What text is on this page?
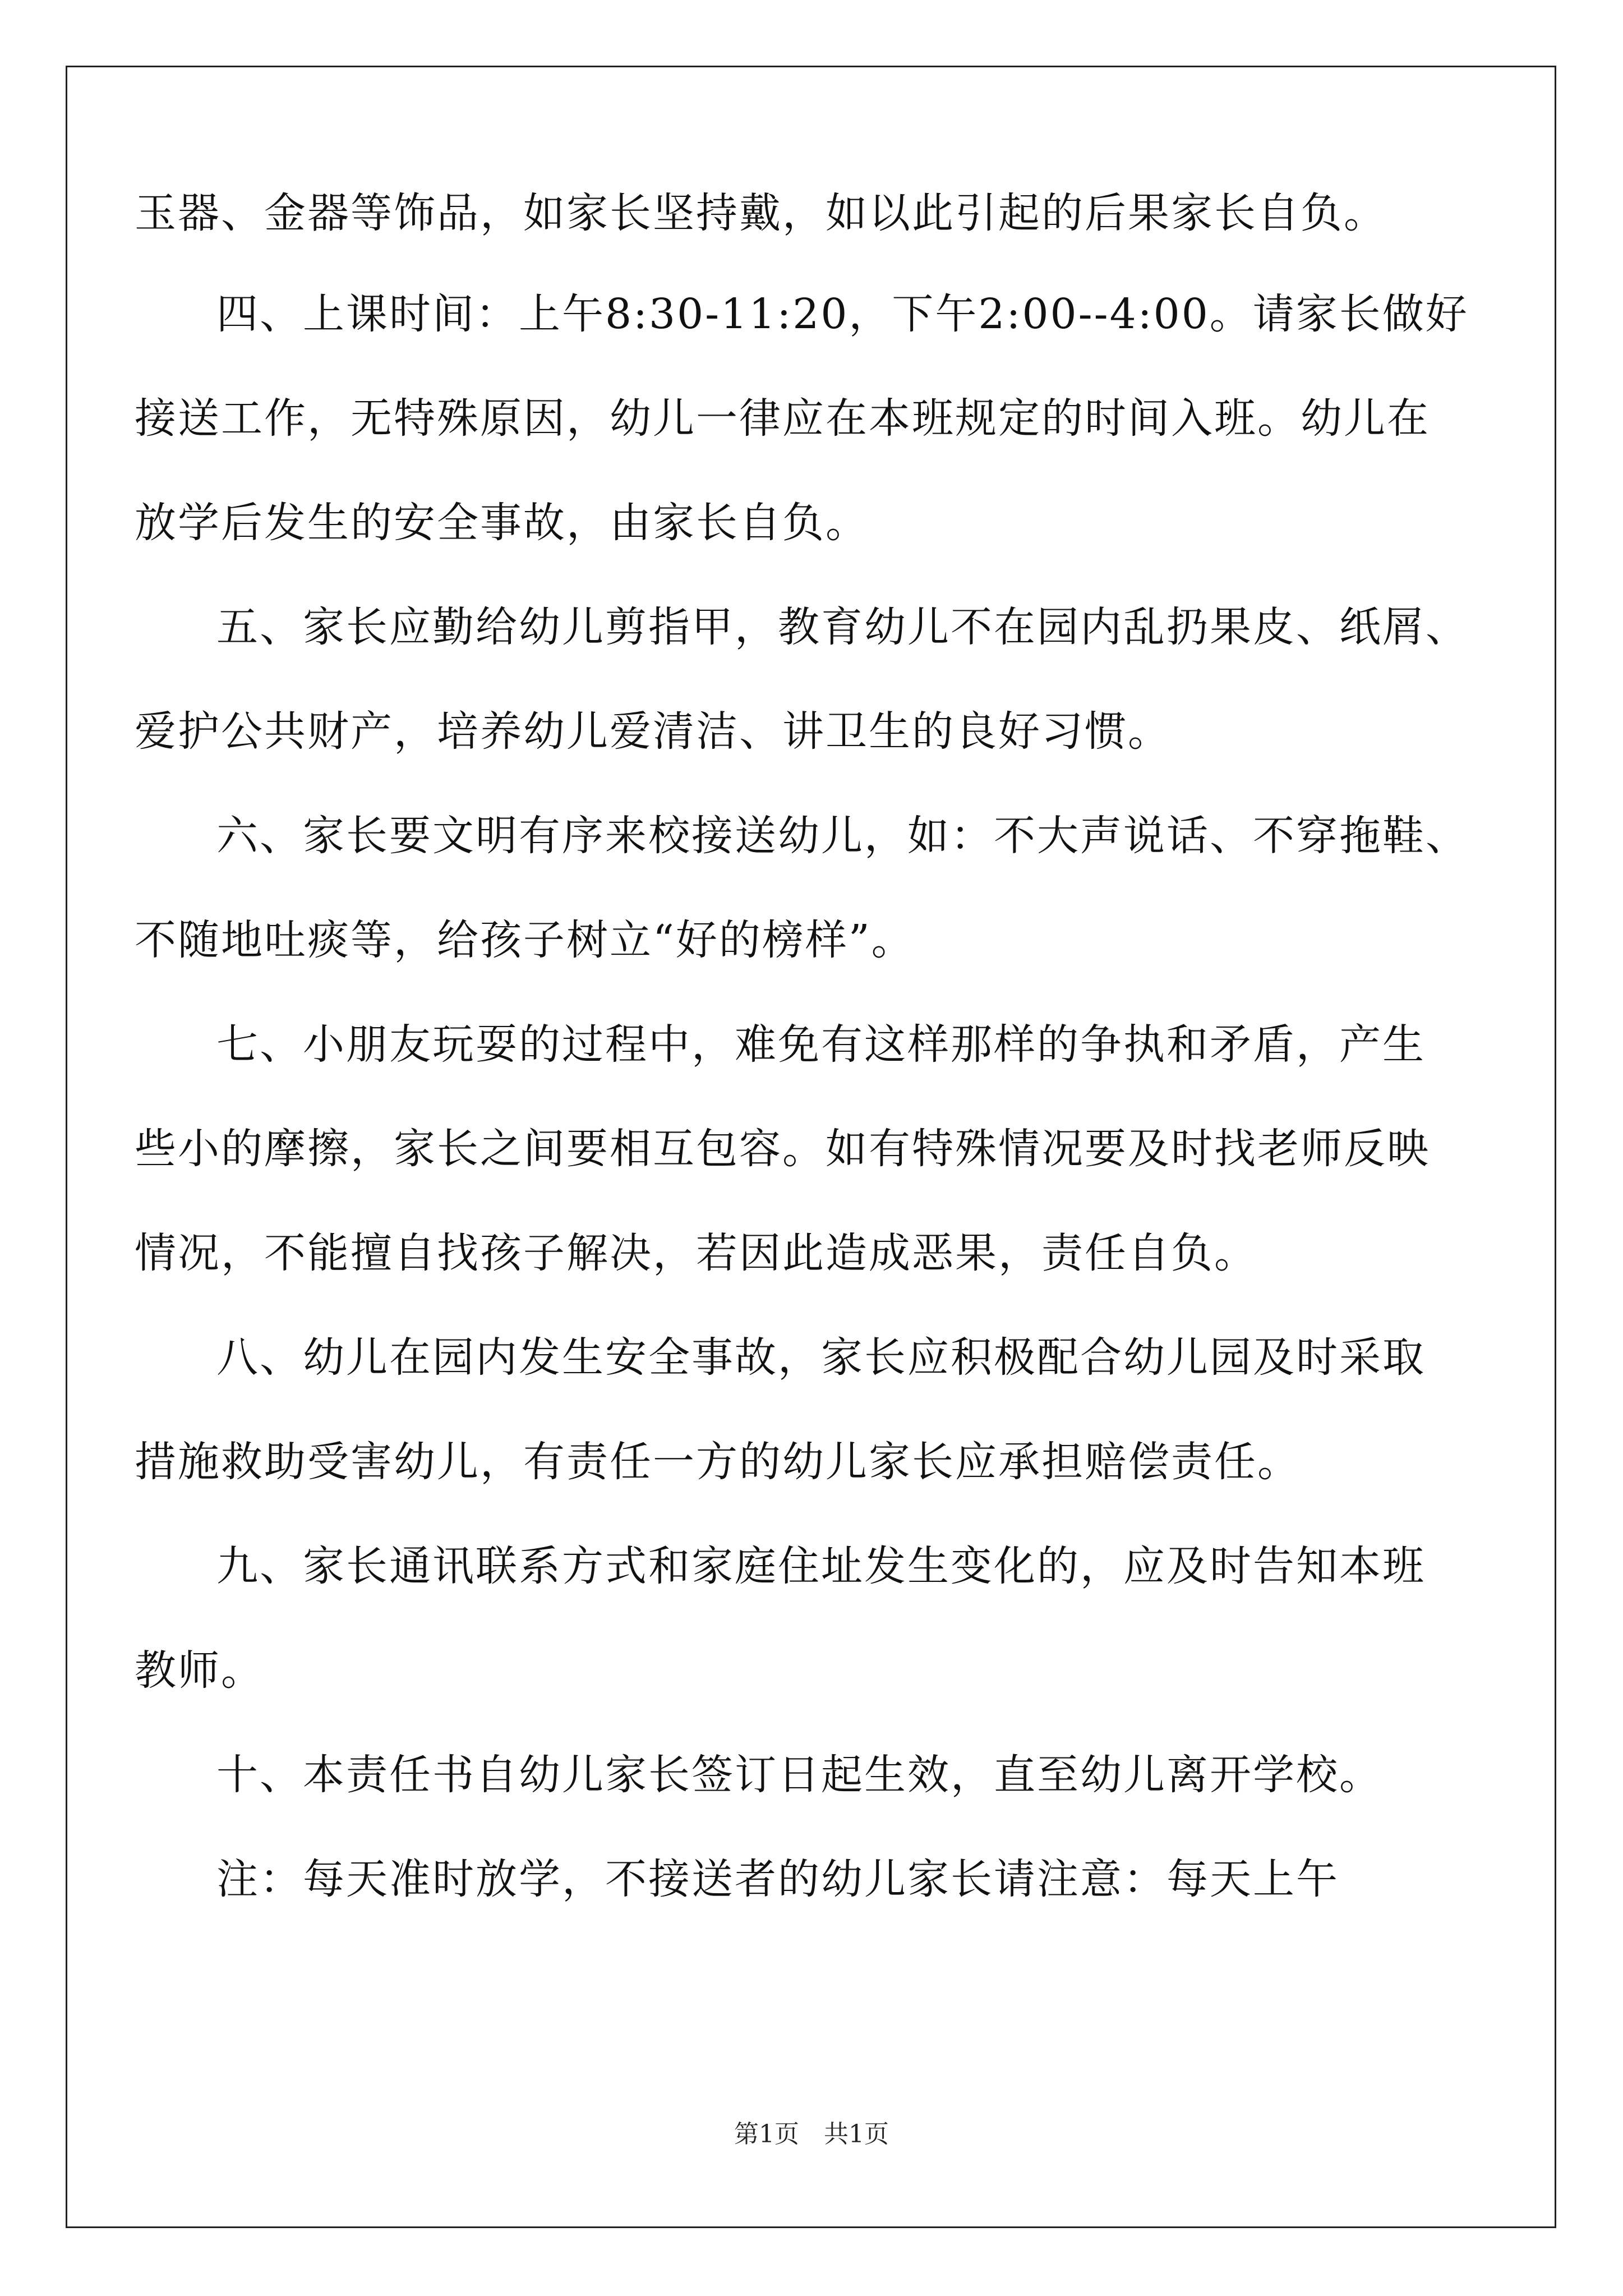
玉器、金器等饰品，如家长坚持戴，如以此引起的后果家长自负。
四、上课时间：上午8:30-11:20，下午2:00--4:00。请家长做好
接送工作，无特殊原因，幼儿一律应在本班规定的时间入班。幼儿在
放学后发生的安全事故，由家长自负。
五、家长应勤给幼儿剪指甲，教育幼儿不在园内乱扔果皮、纸屑、
爱护公共财产，培养幼儿爱清洁、讲卫生的良好习惯。
六、家长要文明有序来校接送幼儿，如：不大声说话、不穿拖鞋、
不随地吐痰等，给孩子树立“好的榜样”。
七、小朋友玩耍的过程中，难免有这样那样的争执和矛盾，产生
些小的摩擦，家长之间要相互包容。如有特殊情况要及时找老师反映
情况，不能擅自找孩子解决，若因此造成恶果，责任自负。
八、幼儿在园内发生安全事故，家长应积极配合幼儿园及时采取
措施救助受害幼儿，有责任一方的幼儿家长应承担赔偿责任。
九、家长通讯联系方式和家庭住址发生变化的，应及时告知本班
教师。
十、本责任书自幼儿家长签订日起生效，直至幼儿离开学校。
注：每天准时放学，不接送者的幼儿家长请注意：每天上午
第1页　共1页
